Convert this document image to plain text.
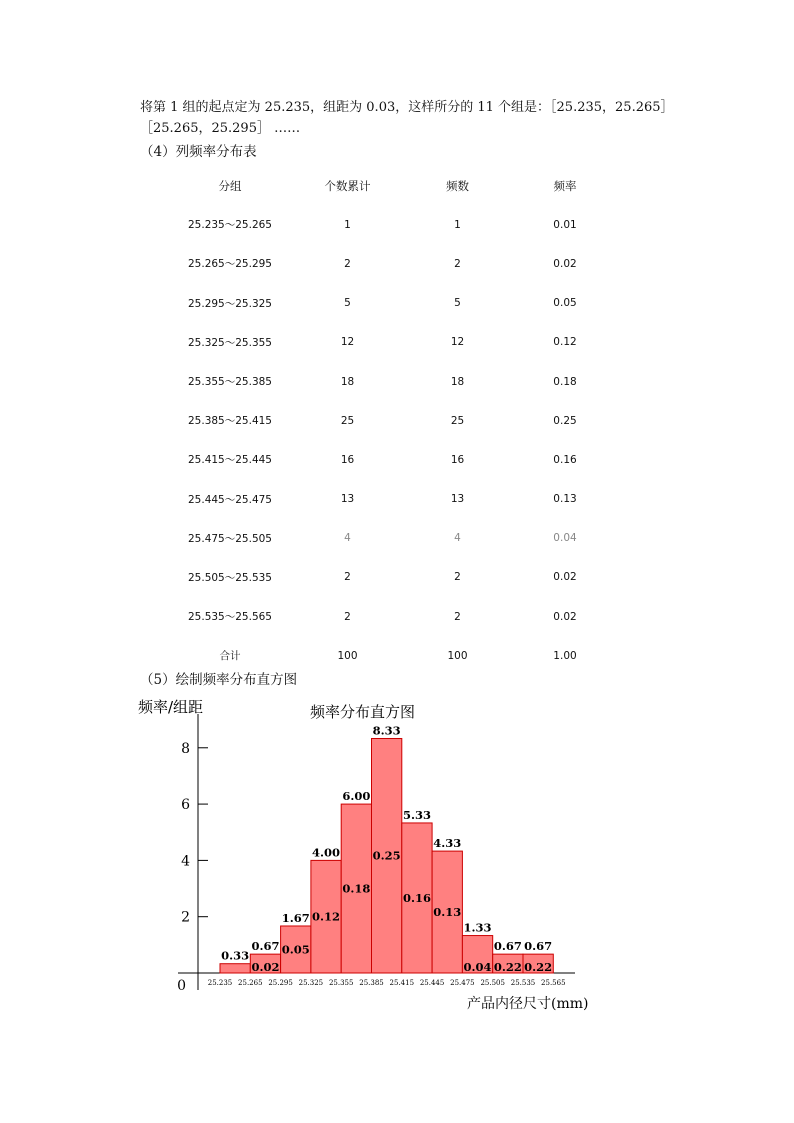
将第 1 组的起点定为 25.235，组距为 0.03，这样所分的 11 个组是：［25.235，25.265］

［25.265，25.295］ ……

（4）列频率分布表
分组	个数累计	频数	频率
25.235～25.265	1	1	0.01
25.265～25.295	2	2	0.02
25.295～25.325	5	5	0.05
25.325～25.355	12	12	0.12
25.355～25.385	18	18	0.18
25.385～25.415	25	25	0.25
25.415～25.445	16	16	0.16
25.445～25.475	13	13	0.13
25.475～25.505	4	4	0.04
25.505～25.535	2	2	0.02
25.535～25.565	2	2	0.02
合计	100	100	1.00
（5）绘制频率分布直方图
频率/组距	频率分布直方图
产品内径尺寸(mm)
0
2
4
6
8
0.33
0.67
0.02
1.67
0.05
4.00
0.12
6.00
0.18
8.33
0.25
5.33
0.16
4.33
0.13
1.33
0.04
0.67
0.22
0.67
0.22
25.235 25.265 25.295 25.325 25.355 25.385 25.415 25.445 25.475 25.505 25.535 25.565
